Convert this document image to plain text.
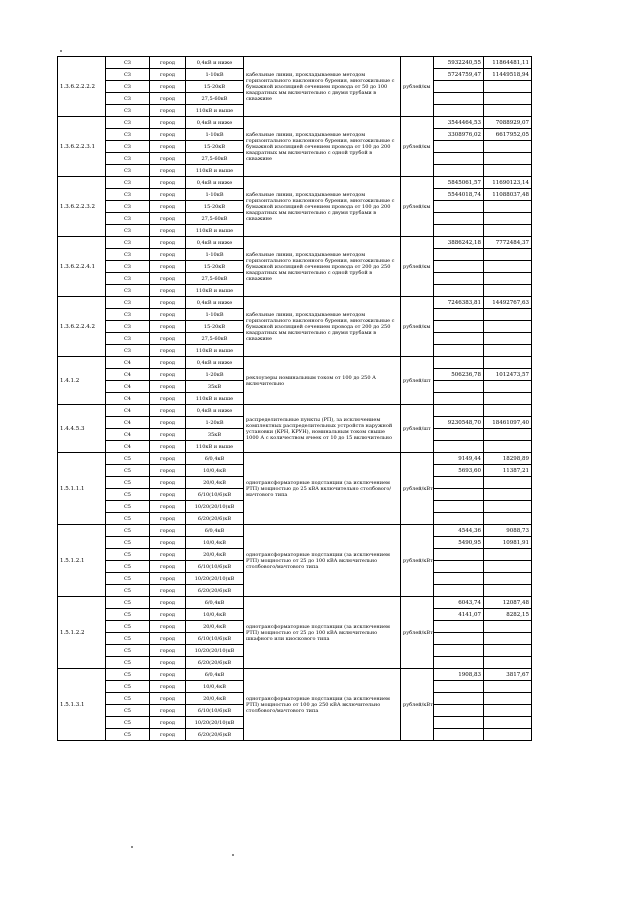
1.3.6.2.2.2.2	С3	город	0,4кВ и ниже	кабельные линии, прокладываемые методом горизонтального наклонного бурения, многожильные с бумажной изоляцией сечением провода от 50 до 100 квадратных мм включительно с двумя трубами в скважине	рублей/км	5932240,55	11864481,11
	С3	город	1-10кВ			5724759,47	11449518,94
	С3	город	15-20кВ				
	С3	город	27,5-60кВ				
	С3	город	110кВ и выше				
1.3.6.2.2.3.1	С3	город	0,4кВ и ниже	кабельные линии, прокладываемые методом горизонтального наклонного бурения, многожильные с бумажной изоляцией сечением провода от 100 до 200 квадратных мм включительно с одной трубой в скважине	рублей/км	3544464,53	7088929,07
	С3	город	1-10кВ			3308976,02	6617952,05
	С3	город	15-20кВ				
	С3	город	27,5-60кВ				
	С3	город	110кВ и выше				
1.3.6.2.2.3.2	С3	город	0,4кВ и ниже	кабельные линии, прокладываемые методом горизонтального наклонного бурения, многожильные с бумажной изоляцией сечением провода от 100 до 200 квадратных мм включительно с двумя трубами в скважине	рублей/км	5845061,57	11690123,14
	С3	город	1-10кВ			5544018,74	11088037,48
	С3	город	15-20кВ				
	С3	город	27,5-60кВ				
	С3	город	110кВ и выше				
1.3.6.2.2.4.1	С3	город	0,4кВ и ниже	кабельные линии, прокладываемые методом горизонтального наклонного бурения, многожильные с бумажной изоляцией сечением провода от 200 до 250 квадратных мм включительно с одной трубой в скважине	рублей/км	3886242,18	7772484,37
	С3	город	1-10кВ				
	С3	город	15-20кВ				
	С3	город	27,5-60кВ				
	С3	город	110кВ и выше				
1.3.6.2.2.4.2	С3	город	0,4кВ и ниже	кабельные линии, прокладываемые методом горизонтального наклонного бурения, многожильные с бумажной изоляцией сечением провода от 200 до 250 квадратных мм включительно с двумя трубами в скважине	рублей/км	7246383,81	14492767,63
	С3	город	1-10кВ				
	С3	город	15-20кВ				
	С3	город	27,5-60кВ				
	С3	город	110кВ и выше				
1.4.1.2	С4	город	0,4кВ и ниже	реклоузеры номинальным током от 100 до 250 А включительно	рублей/шт		
	С4	город	1-20кВ			506236,78	1012473,57
	С4	город	35кВ				
	С4	город	110кВ и выше				
1.4.4.5.3	С4	город	0,4кВ и ниже	распределительные пункты (РП), за исключением комплектных распределительных устройств наружной установки (КРН, КРУН), номинальным током свыше 1000 А с количеством ячеек от 10 до 15 включительно	рублей/шт		
	С4	город	1-20кВ			9230548,70	18461097,40
	С4	город	35кВ				
	С4	город	110кВ и выше				
1.5.1.1.1	С5	город	6/0,4кВ	однотрансформаторные подстанции (за исключением РТП) мощностью до 25 кВА включительно столбового/мачтового типа	рублей/кВт	9149,44	18298,89
	С5	город	10/0,4кВ			5693,60	11387,21
	С5	город	20/0,4кВ				
	С5	город	6/10(10/6)кВ				
	С5	город	10/20(20/10)кВ				
	С5	город	6/20(20/6)кВ				
1.5.1.2.1	С5	город	6/0,4кВ	однотрансформаторные подстанции (за исключением РТП) мощностью от 25 до 100 кВА включительно столбового/мачтового типа	рублей/кВт	4544,36	9088,73
	С5	город	10/0,4кВ			5490,95	10981,91
	С5	город	20/0,4кВ				
	С5	город	6/10(10/6)кВ				
	С5	город	10/20(20/10)кВ				
	С5	город	6/20(20/6)кВ				
1.5.1.2.2	С5	город	6/0,4кВ	однотрансформаторные подстанции (за исключением РТП) мощностью от 25 до 100 кВА включительно шкафного или киоскового типа	рублей/кВт	6043,74	12087,48
	С5	город	10/0,4кВ			4141,07	8282,15
	С5	город	20/0,4кВ				
	С5	город	6/10(10/6)кВ				
	С5	город	10/20(20/10)кВ				
	С5	город	6/20(20/6)кВ				
1.5.1.3.1	С5	город	6/0,4кВ	однотрансформаторные подстанции (за исключением РТП) мощностью от 100 до 250 кВА включительно столбового/мачтового типа	рублей/кВт	1908,83	3817,67
	С5	город	10/0,4кВ				
	С5	город	20/0,4кВ				
	С5	город	6/10(10/6)кВ				
	С5	город	10/20(20/10)кВ				
	С5	город	6/20(20/6)кВ				
